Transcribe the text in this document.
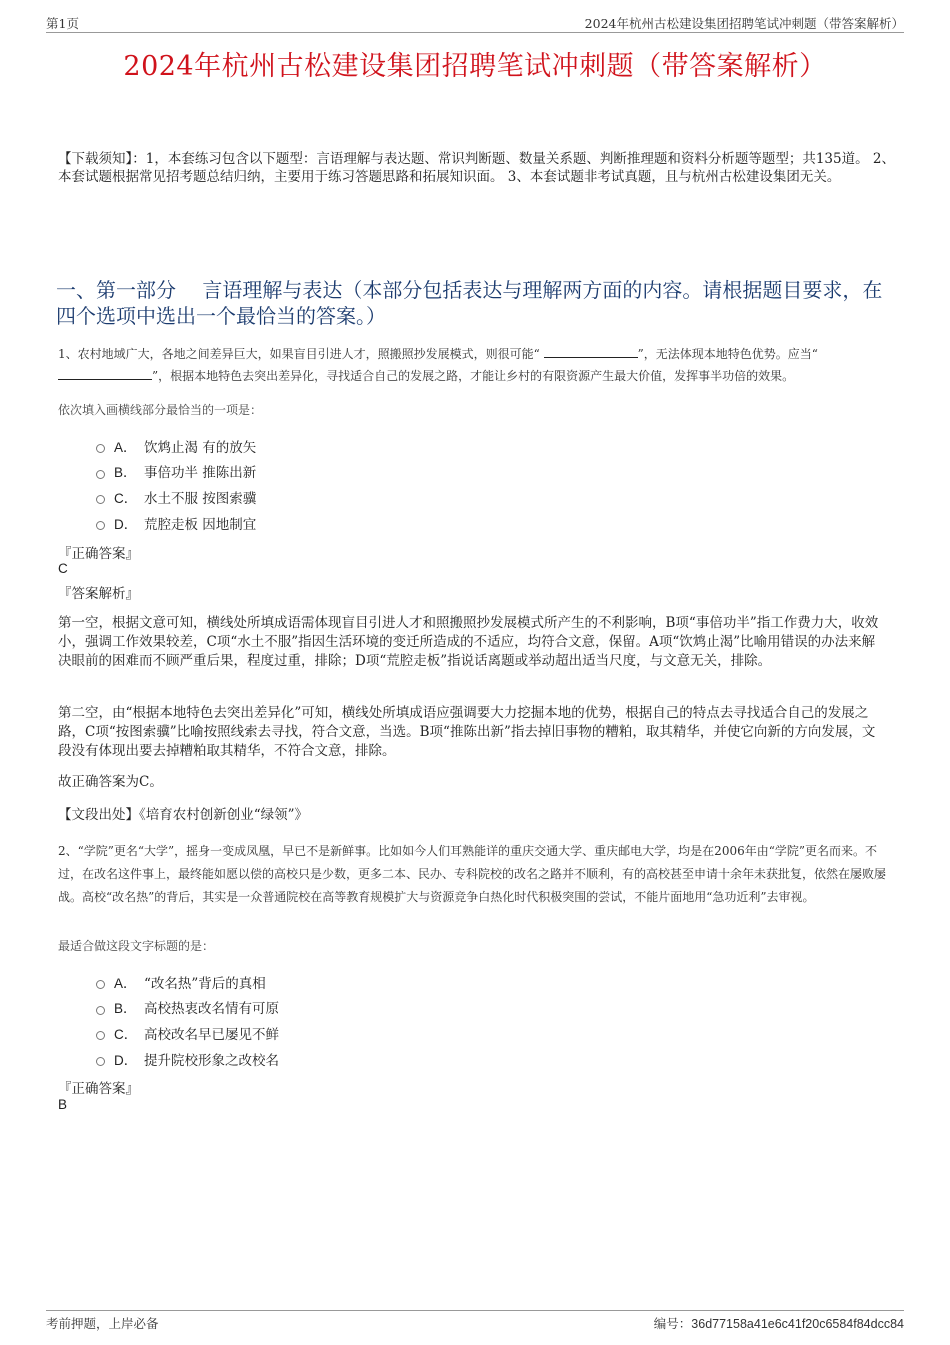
第1页	2024年杭州古松建设集团招聘笔试冲刺题（带答案解析）
2024年杭州古松建设集团招聘笔试冲刺题（带答案解析）
【下载须知】：1，本套练习包含以下题型：言语理解与表达题、常识判断题、数量关系题、判断推理题和资料分析题等题型；共135道。 2、本套试题根据常见招考题总结归纳，主要用于练习答题思路和拓展知识面。 3、本套试题非考试真题，且与杭州古松建设集团无关。
一、第一部分　 言语理解与表达（本部分包括表达与理解两方面的内容。请根据题目要求，在四个选项中选出一个最恰当的答案。）
1、农村地域广大，各地之间差异巨大，如果盲目引进人才，照搬照抄发展模式，则很可能“	”，无法体现本地特色优势。应当“”，根据本地特色去突出差异化，寻找适合自己的发展之路，才能让乡村的有限资源产生最大价值，发挥事半功倍的效果。
依次填入画横线部分最恰当的一项是：
A． 饮鸩止渴 有的放矢
B． 事倍功半 推陈出新
C． 水土不服 按图索骥
D． 荒腔走板 因地制宜
『正确答案』
C
『答案解析』
第一空，根据文意可知，横线处所填成语需体现盲目引进人才和照搬照抄发展模式所产生的不利影响，B项“事倍功半”指工作费力大，收效小，强调工作效果较差，C项“水土不服”指因生活环境的变迁所造成的不适应，均符合文意，保留。A项“饮鸩止渴”比喻用错误的办法来解决眼前的困难而不顾严重后果，程度过重，排除；D项“荒腔走板”指说话离题或举动超出适当尺度，与文意无关，排除。
第二空，由“根据本地特色去突出差异化”可知，横线处所填成语应强调要大力挖掘本地的优势，根据自己的特点去寻找适合自己的发展之路，C项“按图索骥”比喻按照线索去寻找，符合文意，当选。B项“推陈出新”指去掉旧事物的糟粕，取其精华，并使它向新的方向发展，文段没有体现出要去掉糟粕取其精华，不符合文意，排除。
故正确答案为C。
【文段出处】《培育农村创新创业“绿领”》
2、“学院”更名“大学”，摇身一变成凤凰，早已不是新鲜事。比如如今人们耳熟能详的重庆交通大学、重庆邮电大学，均是在2006年由“学院”更名而来。不过，在改名这件事上，最终能如愿以偿的高校只是少数，更多二本、民办、专科院校的改名之路并不顺利，有的高校甚至申请十余年未获批复，依然在屡败屡战。高校“改名热”的背后，其实是一众普通院校在高等教育规模扩大与资源竞争白热化时代积极突围的尝试，不能片面地用“急功近利”去审视。
最适合做这段文字标题的是：
A． “改名热”背后的真相
B． 高校热衷改名情有可原
C． 高校改名早已屡见不鲜
D． 提升院校形象之改校名
『正确答案』
B
考前押题，上岸必备	编号：36d77158a41e6c41f20c6584f84dcc84
